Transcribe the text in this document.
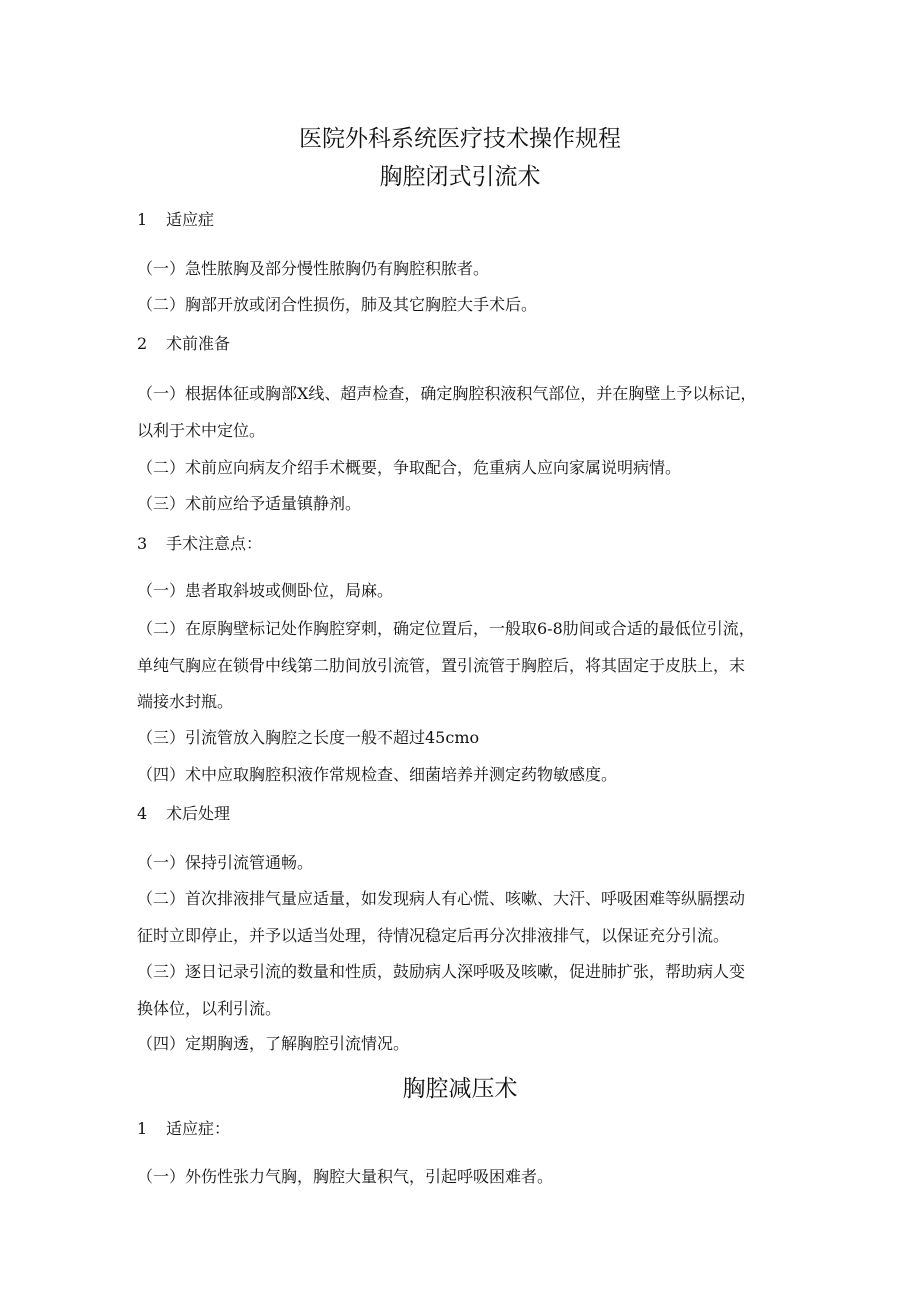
医院外科系统医疗技术操作规程
胸腔闭式引流术
1 适应症
（一）急性脓胸及部分慢性脓胸仍有胸腔积脓者。
（二）胸部开放或闭合性损伤，肺及其它胸腔大手术后。
2 术前准备
（一）根据体征或胸部X线、超声检查，确定胸腔积液积气部位，并在胸壁上予以标记，
以利于术中定位。
（二）术前应向病友介绍手术概要，争取配合，危重病人应向家属说明病情。
（三）术前应给予适量镇静剂。
3 手术注意点：
（一）患者取斜坡或侧卧位，局麻。
（二）在原胸壁标记处作胸腔穿刺，确定位置后，一般取6-8肋间或合适的最低位引流，
单纯气胸应在锁骨中线第二肋间放引流管，置引流管于胸腔后，将其固定于皮肤上，末
端接水封瓶。
（三）引流管放入胸腔之长度一般不超过45cmo
（四）术中应取胸腔积液作常规检查、细菌培养并测定药物敏感度。
4 术后处理
（一）保持引流管通畅。
（二）首次排液排气量应适量，如发现病人有心慌、咳嗽、大汗、呼吸困难等纵膈摆动
征时立即停止，并予以适当处理，待情况稳定后再分次排液排气，以保证充分引流。
（三）逐日记录引流的数量和性质，鼓励病人深呼吸及咳嗽，促进肺扩张，帮助病人变
换体位，以利引流。
（四）定期胸透，了解胸腔引流情况。
胸腔减压术
1 适应症：
（一）外伤性张力气胸，胸腔大量积气，引起呼吸困难者。
